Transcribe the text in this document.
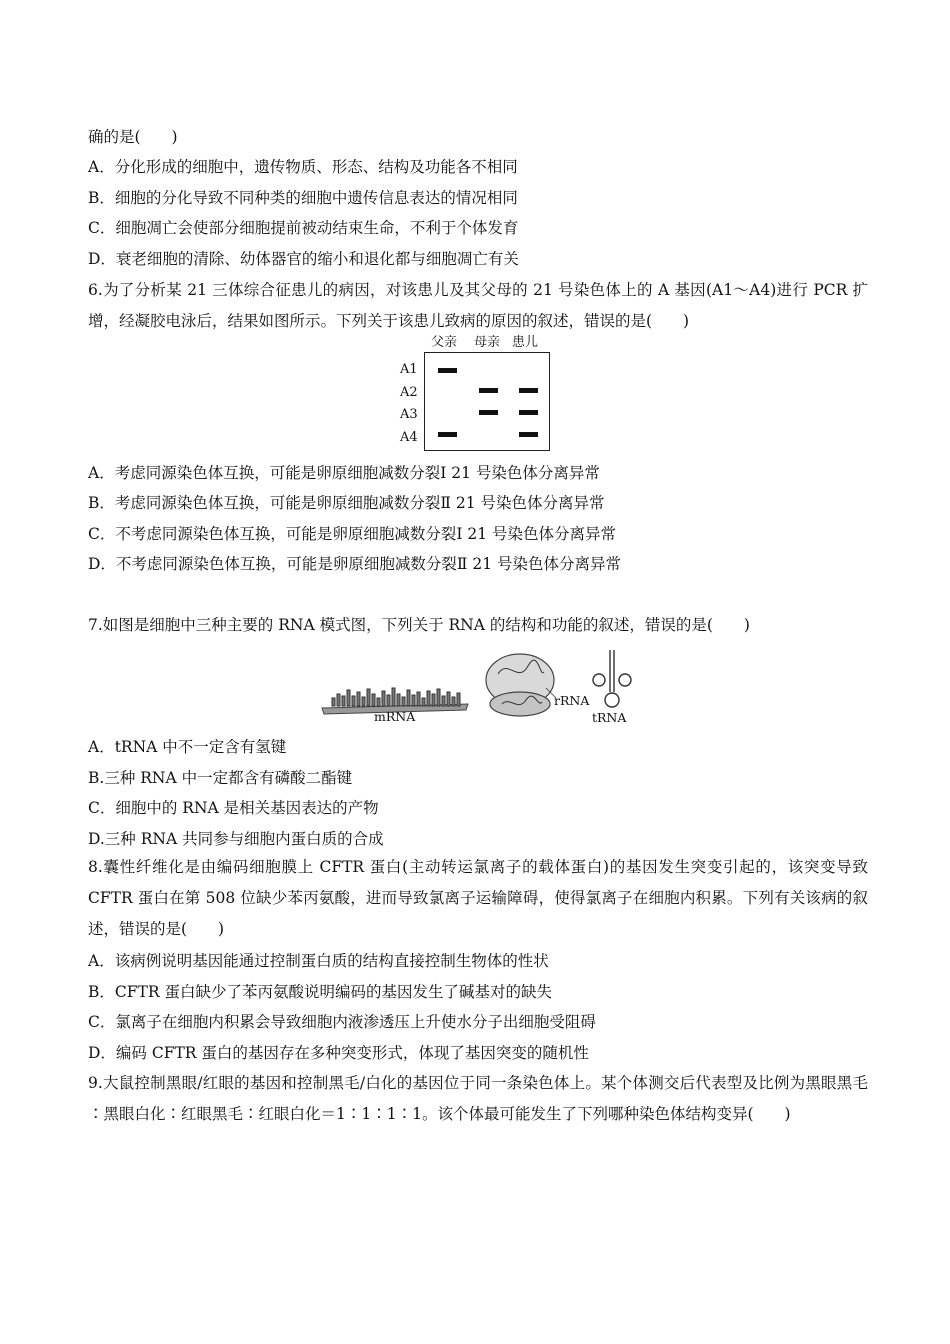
确的是(　　)
A．分化形成的细胞中，遗传物质、形态、结构及功能各不相同
B．细胞的分化导致不同种类的细胞中遗传信息表达的情况相同
C．细胞凋亡会使部分细胞提前被动结束生命，不利于个体发育
D．衰老细胞的清除、幼体器官的缩小和退化都与细胞凋亡有关
6.为了分析某 21 三体综合征患儿的病因，对该患儿及其父母的 21 号染色体上的 A 基因(A1～A4)进行 PCR 扩增，经凝胶电泳后，结果如图所示。下列关于该患儿致病的原因的叙述，错误的是(　　)
父亲 母亲 患儿
A1
A2
A3
A4
A．考虑同源染色体互换，可能是卵原细胞减数分裂Ⅰ 21 号染色体分离异常
B．考虑同源染色体互换，可能是卵原细胞减数分裂Ⅱ 21 号染色体分离异常
C．不考虑同源染色体互换，可能是卵原细胞减数分裂Ⅰ 21 号染色体分离异常
D．不考虑同源染色体互换，可能是卵原细胞减数分裂Ⅱ 21 号染色体分离异常
7.如图是细胞中三种主要的 RNA 模式图，下列关于 RNA 的结构和功能的叙述，错误的是(　　)
mRNA
rRNA
tRNA
A．tRNA 中不一定含有氢键
B.三种 RNA 中一定都含有磷酸二酯键
C．细胞中的 RNA 是相关基因表达的产物
D.三种 RNA 共同参与细胞内蛋白质的合成
8.囊性纤维化是由编码细胞膜上 CFTR 蛋白(主动转运氯离子的载体蛋白)的基因发生突变引起的，该突变导致 CFTR 蛋白在第 508 位缺少苯丙氨酸，进而导致氯离子运输障碍，使得氯离子在细胞内积累。下列有关该病的叙述，错误的是(　　)
A．该病例说明基因能通过控制蛋白质的结构直接控制生物体的性状
B．CFTR 蛋白缺少了苯丙氨酸说明编码的基因发生了碱基对的缺失
C．氯离子在细胞内积累会导致细胞内液渗透压上升使水分子出细胞受阻碍
D．编码 CFTR 蛋白的基因存在多种突变形式，体现了基因突变的随机性
9.大鼠控制黑眼/红眼的基因和控制黑毛/白化的基因位于同一条染色体上。某个体测交后代表型及比例为黑眼黑毛∶黑眼白化∶红眼黑毛∶红眼白化＝1∶1∶1∶1。该个体最可能发生了下列哪种染色体结构变异(　　)
